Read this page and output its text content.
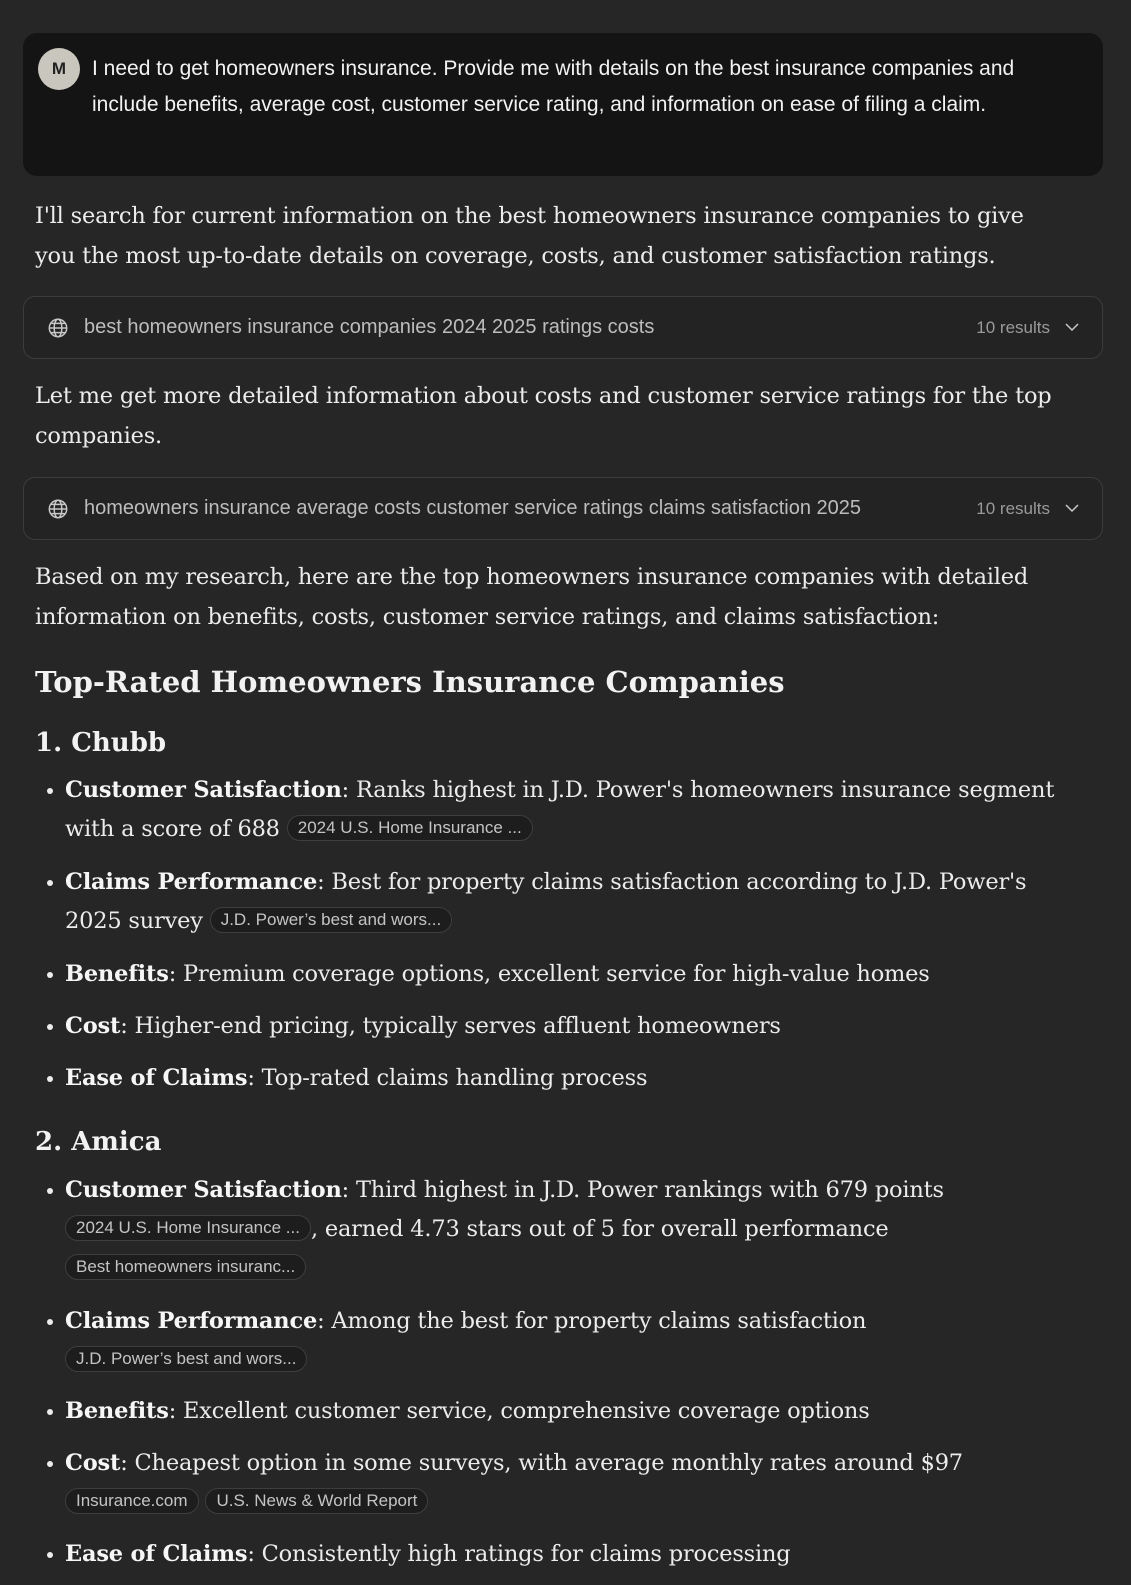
M	I need to get homeowners insurance. Provide me with details on the best insurance companies and include benefits, average cost, customer service rating, and information on ease of filing a claim.
I'll search for current information on the best homeowners insurance companies to give you the most up-to-date details on coverage, costs, and customer satisfaction ratings.
best homeowners insurance companies 2024 2025 ratings costs	10 results
Let me get more detailed information about costs and customer service ratings for the top companies.
homeowners insurance average costs customer service ratings claims satisfaction 2025	10 results
Based on my research, here are the top homeowners insurance companies with detailed information on benefits, costs, customer service ratings, and claims satisfaction:
Top-Rated Homeowners Insurance Companies
1. Chubb
Customer Satisfaction: Ranks highest in J.D. Power's homeowners insurance segment with a score of 688 2024 U.S. Home Insurance ...
Claims Performance: Best for property claims satisfaction according to J.D. Power's 2025 survey J.D. Power’s best and wors...
Benefits: Premium coverage options, excellent service for high-value homes
Cost: Higher-end pricing, typically serves affluent homeowners
Ease of Claims: Top-rated claims handling process
2. Amica
Customer Satisfaction: Third highest in J.D. Power rankings with 679 points
2024 U.S. Home Insurance ... , earned 4.73 stars out of 5 for overall performance
Best homeowners insuranc...
Claims Performance: Among the best for property claims satisfaction
J.D. Power’s best and wors...
Benefits: Excellent customer service, comprehensive coverage options
Cost: Cheapest option in some surveys, with average monthly rates around $97
Insurance.com U.S. News & World Report
Ease of Claims: Consistently high ratings for claims processing
